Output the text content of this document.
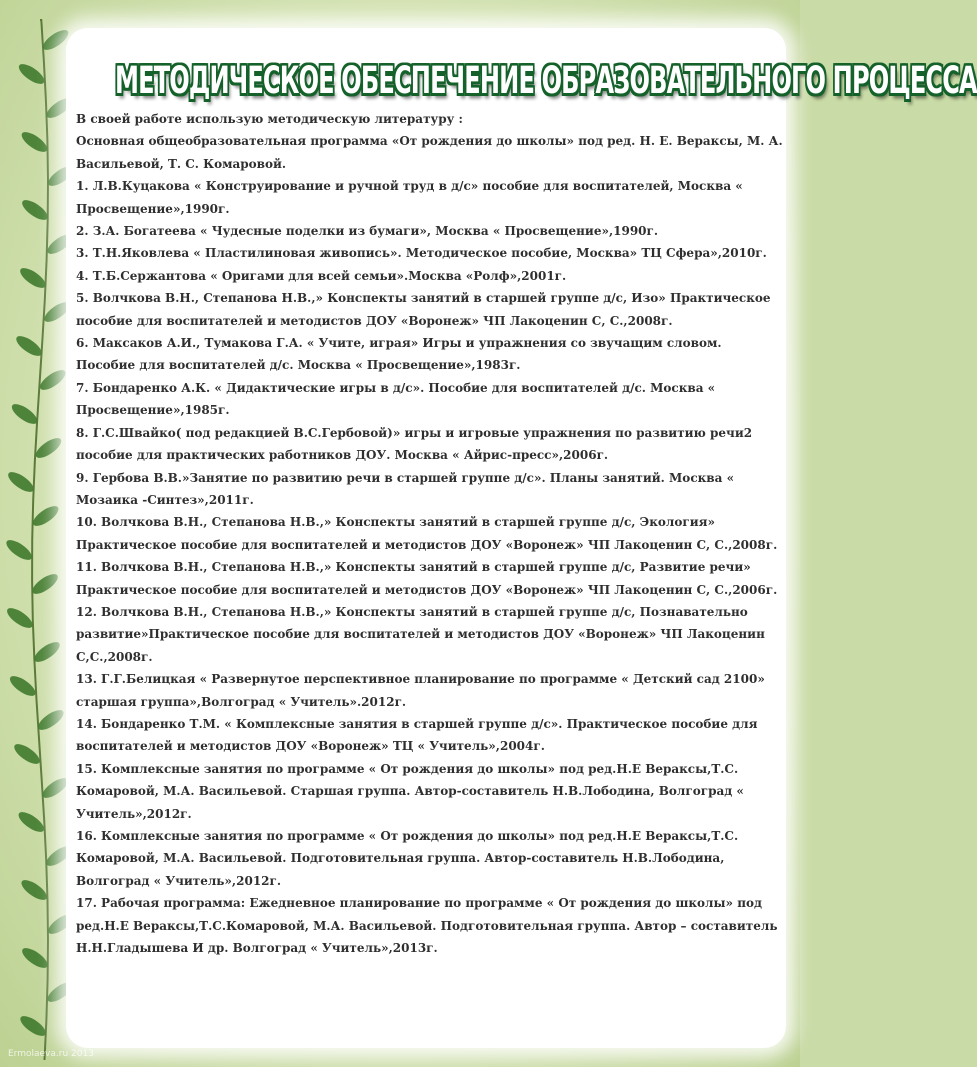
МЕТОДИЧЕСКОЕ ОБЕСПЕЧЕНИЕ ОБРАЗОВАТЕЛЬНОГО ПРОЦЕССА

В своей работе использую методическую литературу :

Основная общеобразовательная программа «От рождения до школы» под ред. Н. Е. Вераксы, М. А. Васильевой, Т. С. Комаровой.

1. Л.В.Куцакова « Конструирование и ручной труд в д/с» пособие для воспитателей, Москва « Просвещение»,1990г.

2. З.А. Богатеева « Чудесные поделки из бумаги», Москва « Просвещение»,1990г.

3. Т.Н.Яковлева « Пластилиновая живопись». Методическое пособие, Москва» ТЦ Сфера»,2010г.

4. Т.Б.Сержантова « Оригами для всей семьи».Москва «Ролф»,2001г.

5. Волчкова В.Н., Степанова Н.В.,» Конспекты занятий в старшей группе д/с, Изо» Практическое пособие для воспитателей и методистов ДОУ «Воронеж» ЧП Лакоценин С, С.,2008г.

6. Максаков А.И., Тумакова Г.А. « Учите, играя» Игры и упражнения со звучащим словом. Пособие для воспитателей д/с. Москва « Просвещение»,1983г.

7. Бондаренко А.К. « Дидактические игры в д/с». Пособие для воспитателей д/с. Москва « Просвещение»,1985г.

8. Г.С.Швайко( под редакцией В.С.Гербовой)» игры и игровые упражнения по развитию речи2 пособие для практических работников ДОУ. Москва « Айрис-пресс»,2006г.

9. Гербова В.В.»Занятие по развитию речи в старшей группе д/с». Планы занятий. Москва « Мозаика -Синтез»,2011г.

10. Волчкова В.Н., Степанова Н.В.,» Конспекты занятий в старшей группе д/с, Экология» Практическое пособие для воспитателей и методистов ДОУ «Воронеж» ЧП Лакоценин С, С.,2008г.

11. Волчкова В.Н., Степанова Н.В.,» Конспекты занятий в старшей группе д/с, Развитие речи» Практическое пособие для воспитателей и методистов ДОУ «Воронеж» ЧП Лакоценин С, С.,2006г.

12. Волчкова В.Н., Степанова Н.В.,» Конспекты занятий в старшей группе д/с, Познавательно развитие»Практическое пособие для воспитателей и методистов ДОУ «Воронеж» ЧП Лакоценин С,С.,2008г.

13. Г.Г.Белицкая « Развернутое перспективное планирование по программе « Детский сад 2100» старшая группа»,Волгоград « Учитель».2012г.

14. Бондаренко Т.М. « Комплексные занятия в старшей группе д/с». Практическое пособие для воспитателей и методистов ДОУ «Воронеж» ТЦ « Учитель»,2004г.

15. Комплексные занятия по программе « От рождения до школы» под ред.Н.Е Вераксы,Т.С. Комаровой, М.А. Васильевой. Старшая группа. Автор-составитель Н.В.Лободина, Волгоград « Учитель»,2012г.

16. Комплексные занятия по программе « От рождения до школы» под ред.Н.Е Вераксы,Т.С. Комаровой, М.А. Васильевой. Подготовительная группа. Автор-составитель Н.В.Лободина, Волгоград « Учитель»,2012г.

17. Рабочая программа: Ежедневное планирование по программе « От рождения до школы» под ред.Н.Е Вераксы,Т.С.Комаровой, М.А. Васильевой. Подготовительная группа. Автор – составитель Н.Н.Гладышева И др. Волгоград « Учитель»,2013г.

Ermolaeva.ru 2013
